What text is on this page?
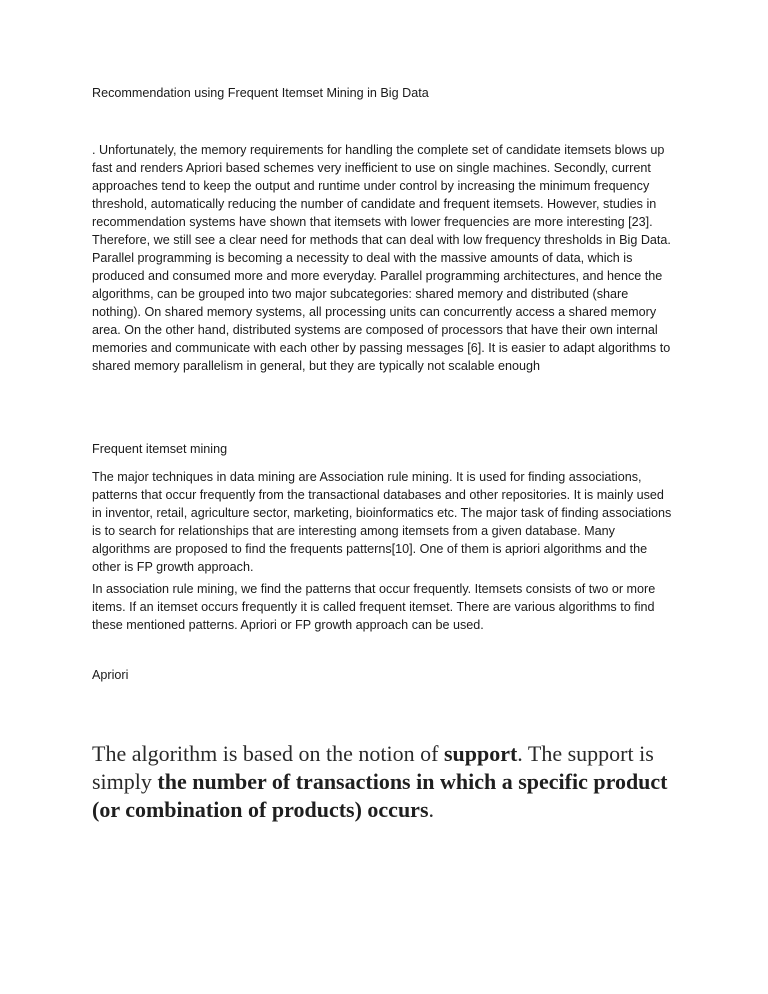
Recommendation using Frequent Itemset Mining in Big Data

. Unfortunately, the memory requirements for handling the complete set of candidate itemsets blows up fast and renders Apriori based schemes very inefficient to use on single machines. Secondly, current approaches tend to keep the output and runtime under control by increasing the minimum frequency threshold, automatically reducing the number of candidate and frequent itemsets. However, studies in recommendation systems have shown that itemsets with lower frequencies are more interesting [23]. Therefore, we still see a clear need for methods that can deal with low frequency thresholds in Big Data. Parallel programming is becoming a necessity to deal with the massive amounts of data, which is produced and consumed more and more everyday. Parallel programming architectures, and hence the algorithms, can be grouped into two major subcategories: shared memory and distributed (share nothing). On shared memory systems, all processing units can concurrently access a shared memory area. On the other hand, distributed systems are composed of processors that have their own internal memories and communicate with each other by passing messages [6]. It is easier to adapt algorithms to shared memory parallelism in general, but they are typically not scalable enough

Frequent itemset mining

The major techniques in data mining are Association rule mining. It is used for finding associations, patterns that occur frequently from the transactional databases and other repositories. It is mainly used in inventor, retail, agriculture sector, marketing, bioinformatics etc. The major task of finding associations is to search for relationships that are interesting among itemsets from a given database. Many algorithms are proposed to find the frequents patterns[10]. One of them is apriori algorithms and the other is FP growth approach.

In association rule mining, we find the patterns that occur frequently. Itemsets consists of two or more items. If an itemset occurs frequently it is called frequent itemset. There are various algorithms to find these mentioned patterns. Apriori or FP growth approach can be used.

Apriori

The algorithm is based on the notion of support. The support is simply the number of transactions in which a specific product (or combination of products) occurs.
